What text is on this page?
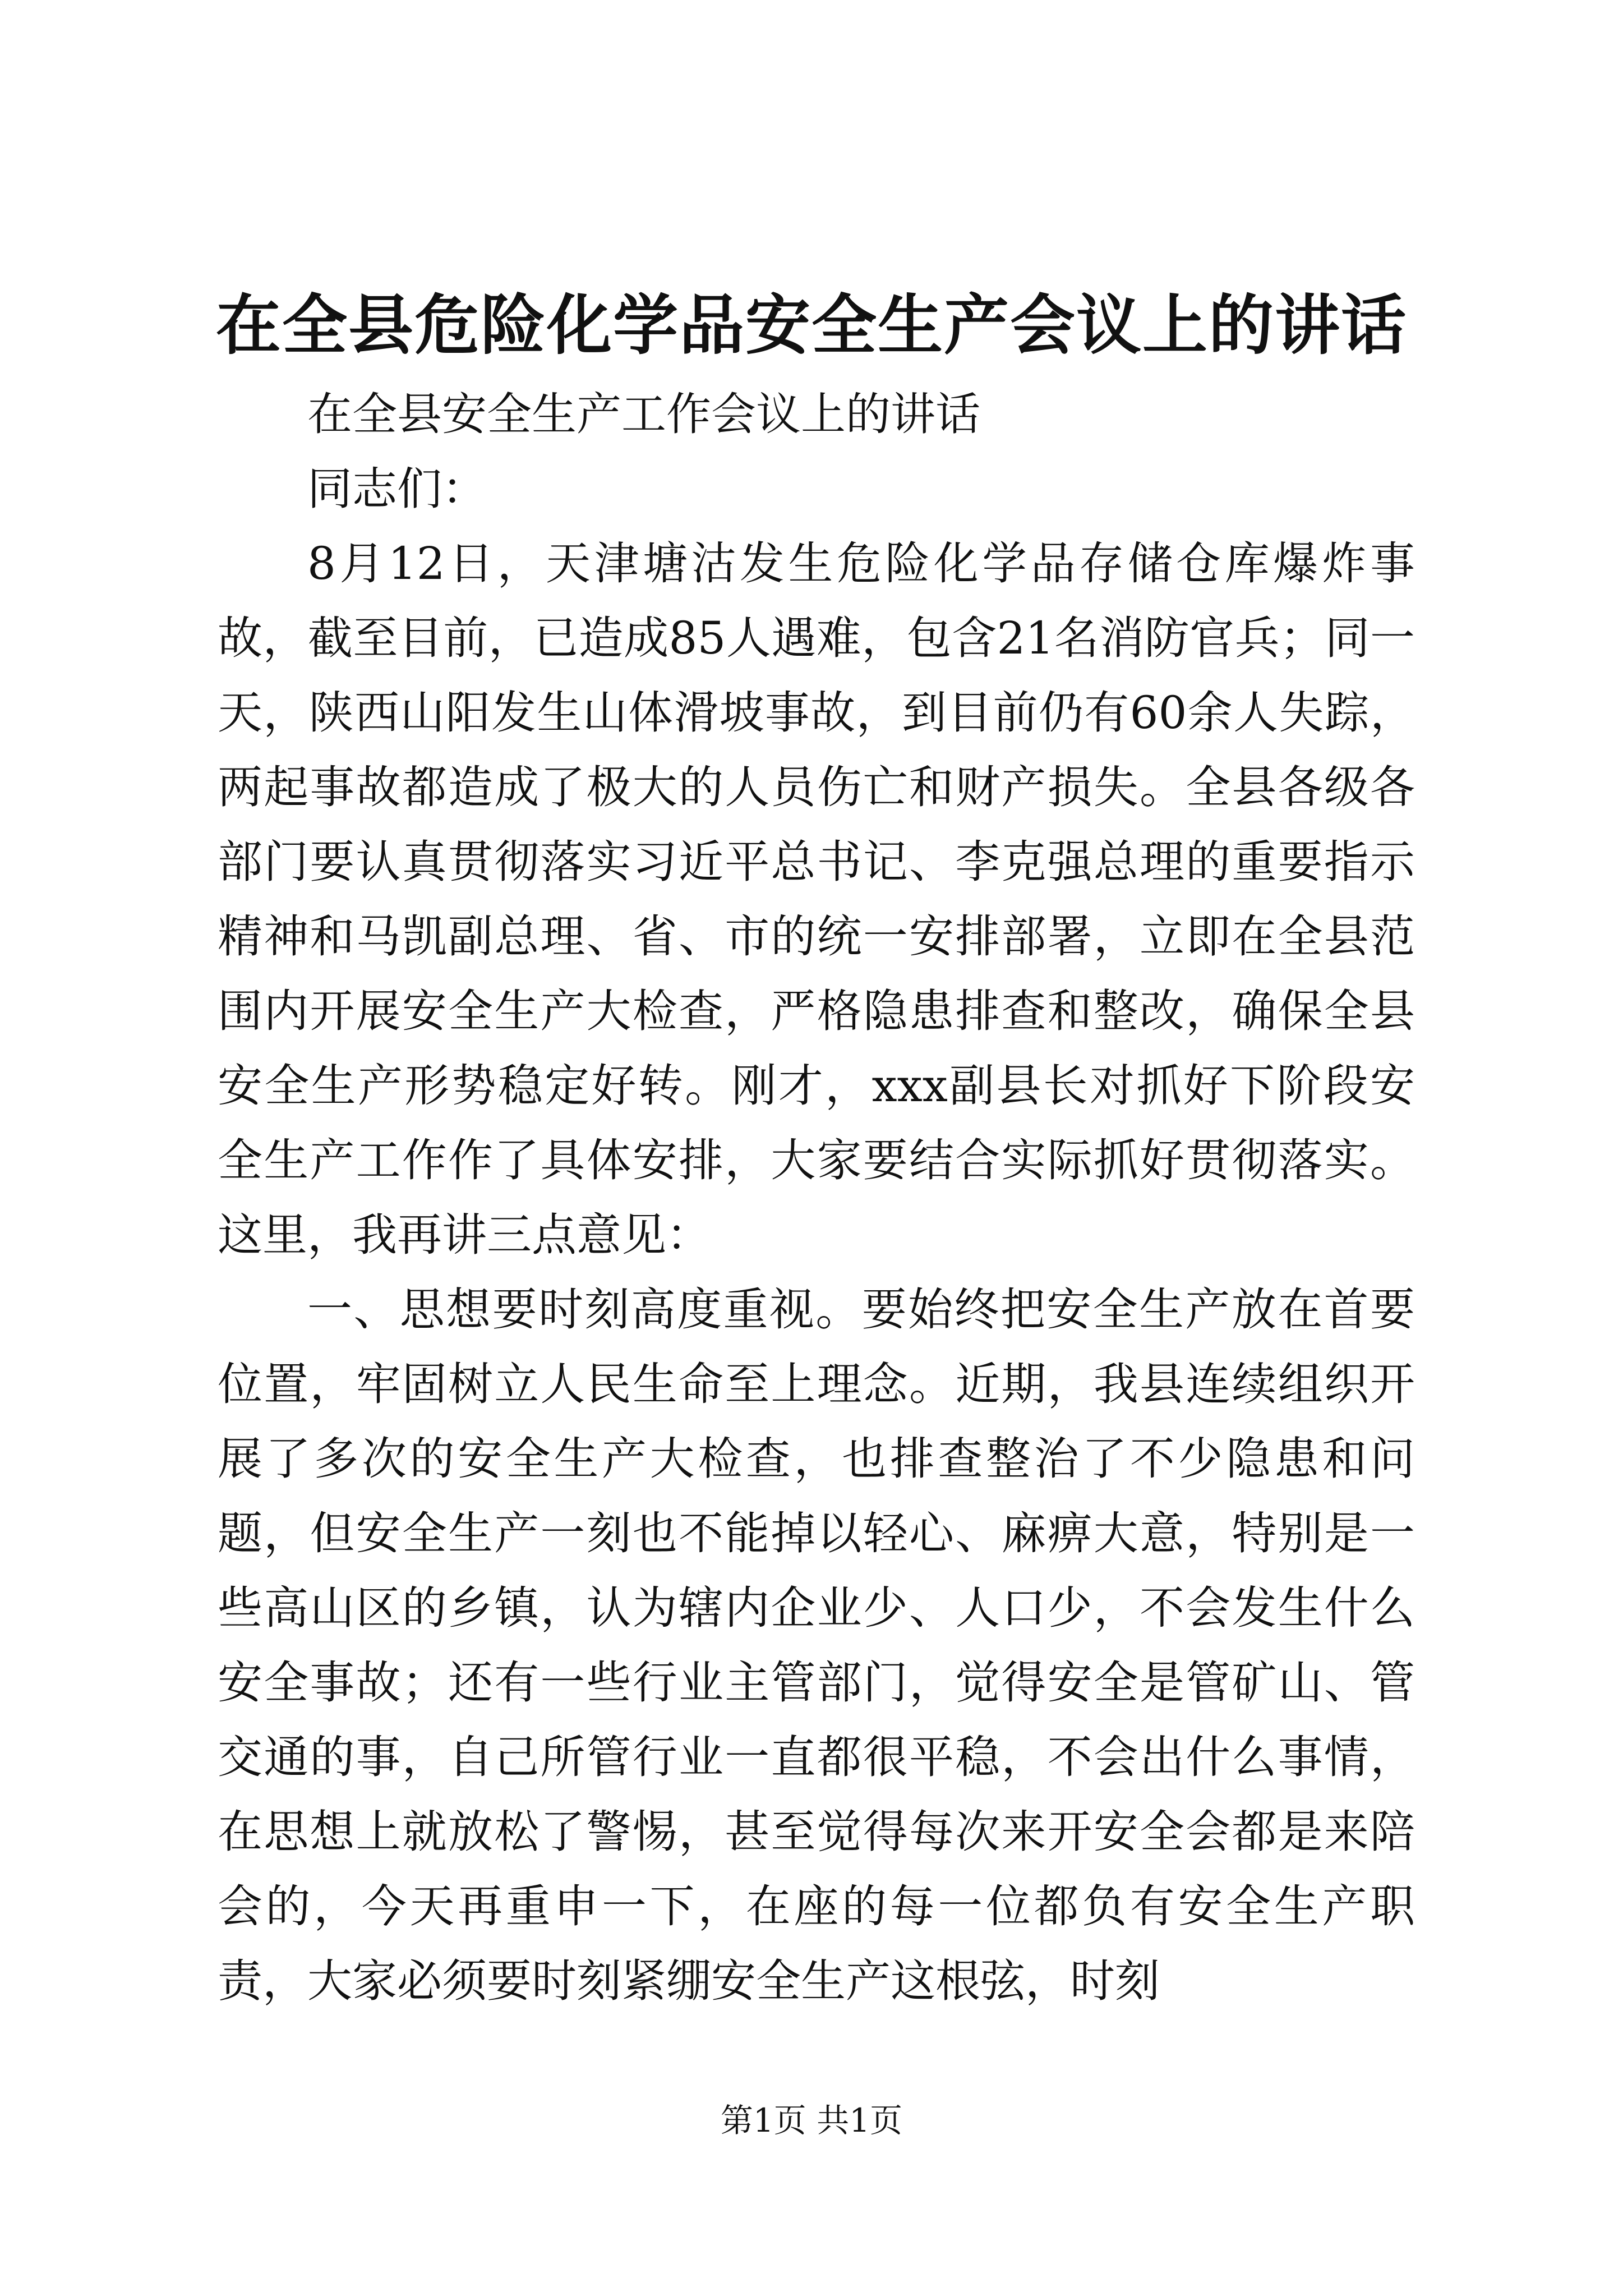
在全县危险化学品安全生产会议上的讲话

在全县安全生产工作会议上的讲话

同志们：

8月12日，天津塘沽发生危险化学品存储仓库爆炸事故，截至目前，已造成85人遇难，包含21名消防官兵；同一天，陕西山阳发生山体滑坡事故，到目前仍有60余人失踪，两起事故都造成了极大的人员伤亡和财产损失。全县各级各部门要认真贯彻落实习近平总书记、李克强总理的重要指示精神和马凯副总理、省、市的统一安排部署，立即在全县范围内开展安全生产大检查，严格隐患排查和整改，确保全县安全生产形势稳定好转。刚才，xxx副县长对抓好下阶段安全生产工作作了具体安排，大家要结合实际抓好贯彻落实。这里，我再讲三点意见：

一、思想要时刻高度重视。要始终把安全生产放在首要位置，牢固树立人民生命至上理念。近期，我县连续组织开展了多次的安全生产大检查，也排查整治了不少隐患和问题，但安全生产一刻也不能掉以轻心、麻痹大意，特别是一些高山区的乡镇，认为辖内企业少、人口少，不会发生什么安全事故；还有一些行业主管部门，觉得安全是管矿山、管交通的事，自己所管行业一直都很平稳，不会出什么事情，在思想上就放松了警惕，甚至觉得每次来开安全会都是来陪会的，今天再重申一下，在座的每一位都负有安全生产职责，大家必须要时刻紧绷安全生产这根弦，时刻

第1页 共1页
